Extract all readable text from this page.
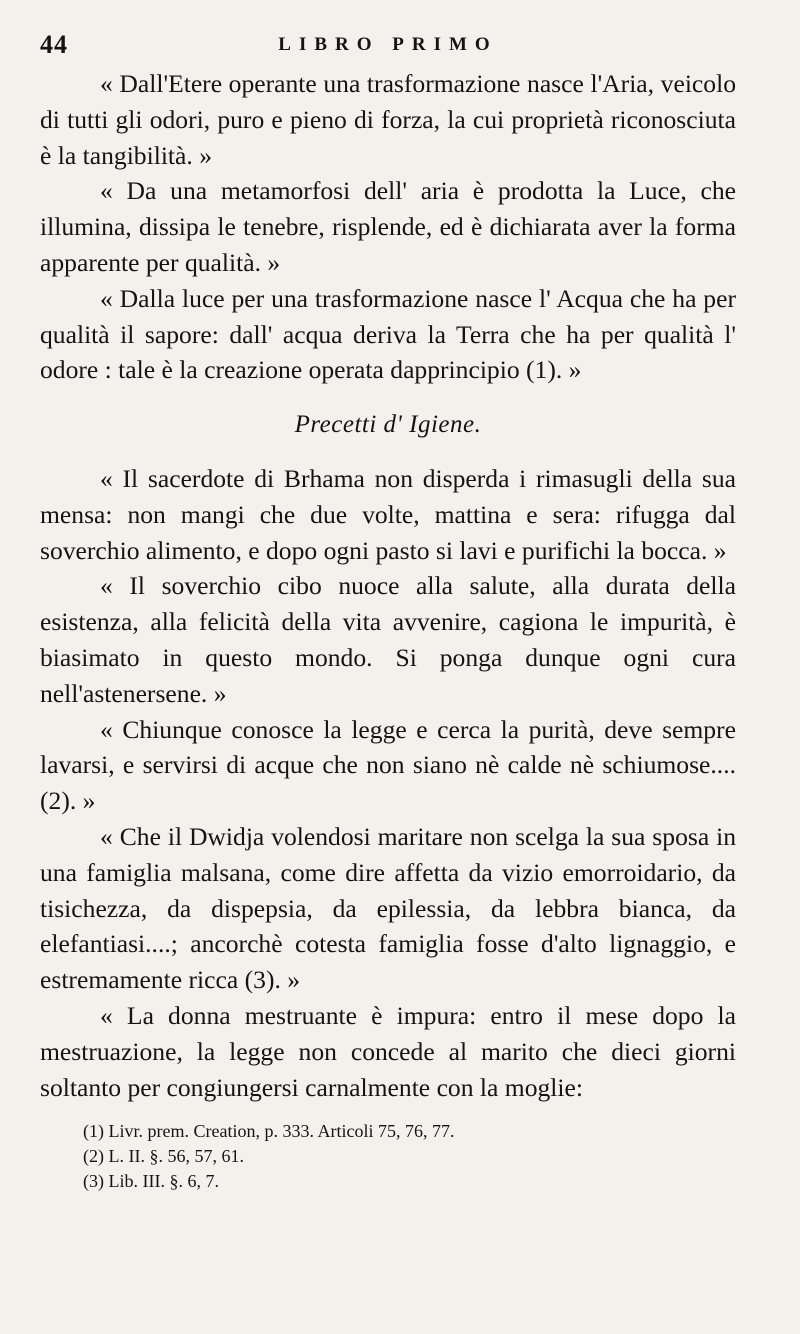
44	LIBRO PRIMO

« Dall'Etere operante una trasformazione nasce l'Aria, veicolo di tutti gli odori, puro e pieno di forza, la cui proprietà riconosciuta è la tangibilità. »

« Da una metamorfosi dell' aria è prodotta la Luce, che illumina, dissipa le tenebre, risplende, ed è dichiarata aver la forma apparente per qualità. »

« Dalla luce per una trasformazione nasce l' Acqua che ha per qualità il sapore: dall' acqua deriva la Terra che ha per qualità l' odore : tale è la creazione operata dapprincipio (1). »

Precetti d' Igiene.

« Il sacerdote di Brhama non disperda i rimasugli della sua mensa: non mangi che due volte, mattina e sera: rifugga dal soverchio alimento, e dopo ogni pasto si lavi e purifichi la bocca. »

« Il soverchio cibo nuoce alla salute, alla durata della esistenza, alla felicità della vita avvenire, cagiona le impurità, è biasimato in questo mondo. Si ponga dunque ogni cura nell'astenersene. »

« Chiunque conosce la legge e cerca la purità, deve sempre lavarsi, e servirsi di acque che non siano nè calde nè schiumose.... (2). »

« Che il Dwidja volendosi maritare non scelga la sua sposa in una famiglia malsana, come dire affetta da vizio emorroidario, da tisichezza, da dispepsia, da epilessia, da lebbra bianca, da elefantiasi....; ancorchè cotesta famiglia fosse d'alto lignaggio, e estremamente ricca (3). »

« La donna mestruante è impura: entro il mese dopo la mestruazione, la legge non concede al marito che dieci giorni soltanto per congiungersi carnalmente con la moglie:

(1) Livr. prem. Creation, p. 333. Articoli 75, 76, 77.

(2) L. II. §. 56, 57, 61.

(3) Lib. III. §. 6, 7.
